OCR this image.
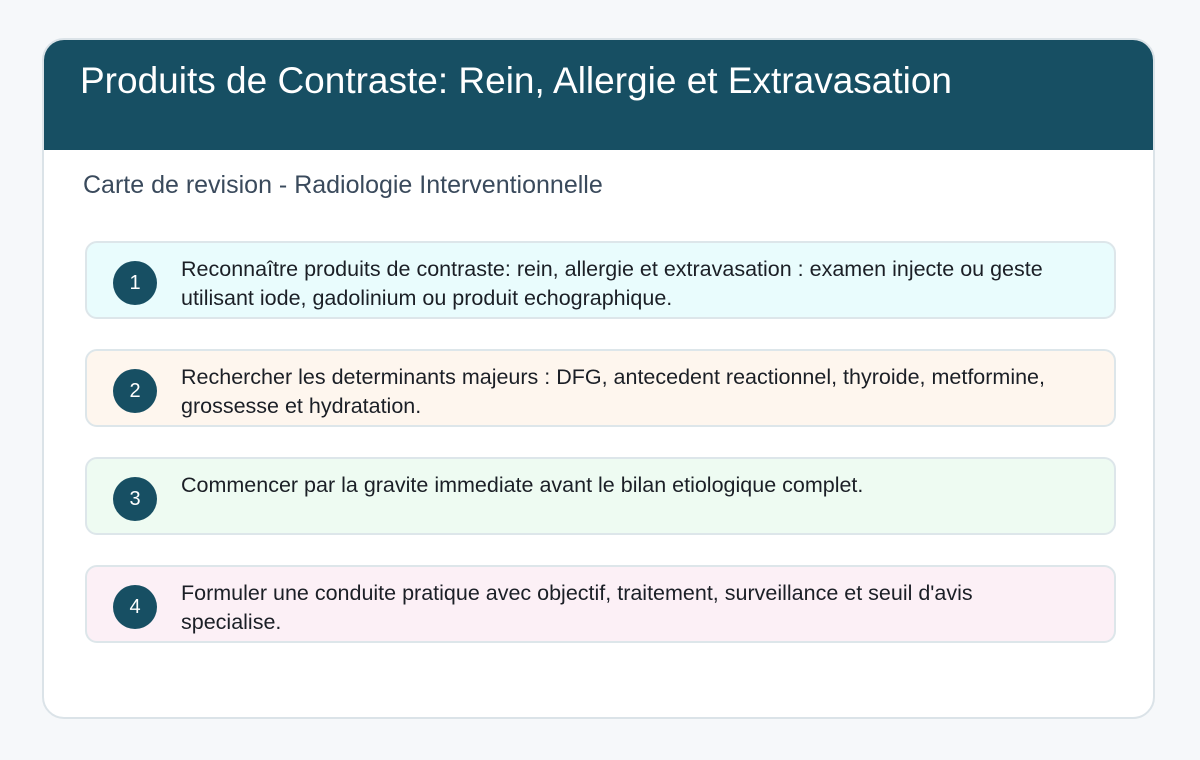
Produits de Contraste: Rein, Allergie et Extravasation
Carte de revision - Radiologie Interventionnelle
1
Reconnaître produits de contraste: rein, allergie et extravasation : examen injecte ou geste utilisant iode, gadolinium ou produit echographique.
2
Rechercher les determinants majeurs : DFG, antecedent reactionnel, thyroide, metformine, grossesse et hydratation.
3
Commencer par la gravite immediate avant le bilan etiologique complet.
4
Formuler une conduite pratique avec objectif, traitement, surveillance et seuil d'avis specialise.
